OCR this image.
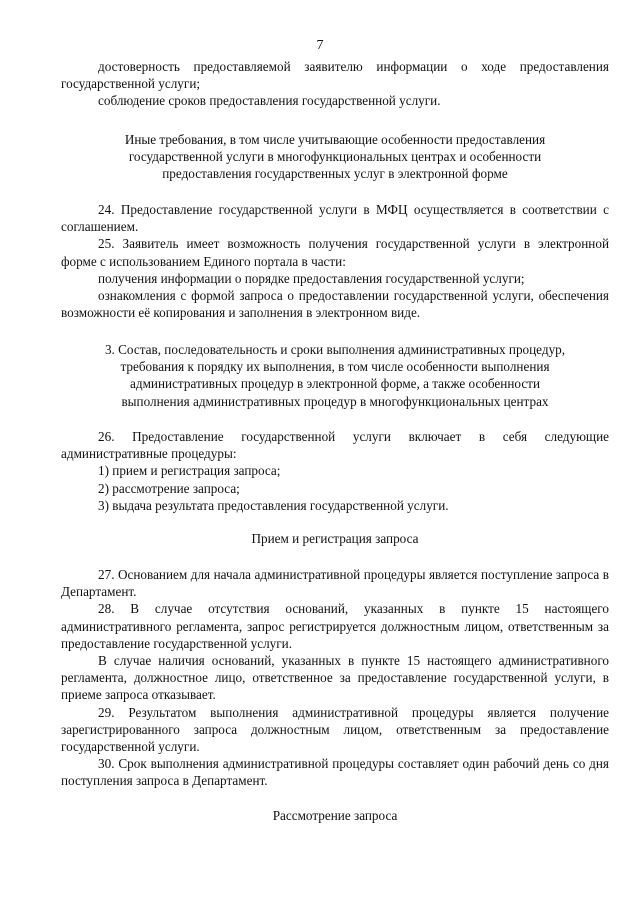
7

достоверность предоставляемой заявителю информации о ходе предоставления государственной услуги;

соблюдение сроков предоставления государственной услуги.

Иные требования, в том числе учитывающие особенности предоставления
государственной услуги в многофункциональных центрах и особенности
предоставления государственных услуг в электронной форме

24. Предоставление государственной услуги в МФЦ осуществляется в соответствии с соглашением.

25. Заявитель имеет возможность получения государственной услуги в электронной форме с использованием Единого портала в части:

получения информации о порядке предоставления государственной услуги;

ознакомления с формой запроса о предоставлении государственной услуги, обеспечения возможности её копирования и заполнения в электронном виде.

3. Состав, последовательность и сроки выполнения административных процедур,
требования к порядку их выполнения, в том числе особенности выполнения
административных процедур в электронной форме, а также особенности
выполнения административных процедур в многофункциональных центрах

26. Предоставление государственной услуги включает в себя следующие административные процедуры:

1) прием и регистрация запроса;

2) рассмотрение запроса;

3) выдача результата предоставления государственной услуги.

Прием и регистрация запроса

27. Основанием для начала административной процедуры является поступление запроса в Департамент.

28. В случае отсутствия оснований, указанных в пункте 15 настоящего административного регламента, запрос регистрируется должностным лицом, ответственным за предоставление государственной услуги.

В случае наличия оснований, указанных в пункте 15 настоящего административного регламента, должностное лицо, ответственное за предоставление государственной услуги, в приеме запроса отказывает.

29. Результатом выполнения административной процедуры является получение зарегистрированного запроса должностным лицом, ответственным за предоставление государственной услуги.

30. Срок выполнения административной процедуры составляет один рабочий день со дня поступления запроса в Департамент.

Рассмотрение запроса
